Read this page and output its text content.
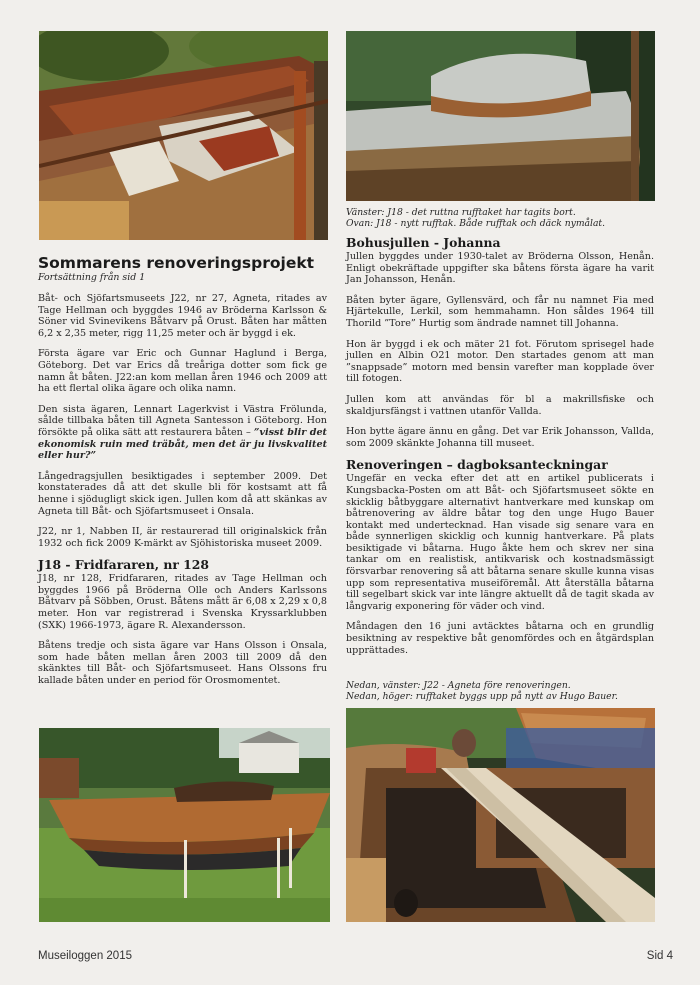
Vänster: J18 - det ruttna rufftaket har tagits bort.
Ovan: J18 - nytt rufftak. Både rufftak och däck nymålat.
Sommarens renoveringsprojekt
Fortsättning från sid 1

Båt- och Sjöfartsmuseets J22, nr 27, Agneta, ritades av Tage Hellman och byggdes 1946 av Bröderna Karlsson & Söner vid Svinevikens Båtvarv på Orust. Båten har måtten 6,2 x 2,35 meter, rigg 11,25 meter och är byggd i ek.

Första ägare var Eric och Gunnar Haglund i Berga, Göteborg. Det var Erics då treåriga dotter som fick ge namn åt båten. J22:an kom mellan åren 1946 och 2009 att ha ett flertal olika ägare och olika namn.

Den sista ägaren, Lennart Lagerkvist i Västra Frölunda, sålde tillbaka båten till Agneta Santesson i Göteborg. Hon försökte på olika sätt att restaurera båten – ”visst blir det ekonomisk ruin med träbåt, men det är ju livskvalitet eller hur?”

Långedragsjullen besiktigades i september 2009. Det konstaterades då att det skulle bli för kostsamt att få henne i sjödugligt skick igen. Jullen kom då att skänkas av Agneta till Båt- och Sjöfartsmuseet i Onsala.

J22, nr 1, Nabben II, är restaurerad till originalskick från 1932 och fick 2009 K-märkt av Sjöhistoriska museet 2009.

J18 - Fridfararen, nr 128

J18, nr 128, Fridfararen, ritades av Tage Hellman och byggdes 1966 på Bröderna Olle och Anders Karlssons Båtvarv på Söbben, Orust. Båtens mått är 6,08 x 2,29 x 0,8 meter. Hon var registrerad i Svenska Kryssarklubben (SXK) 1966-1973, ägare R. Alexandersson.

Båtens tredje och sista ägare var Hans Olsson i Onsala, som hade båten mellan åren 2003 till 2009 då den skänktes till Båt- och Sjöfartsmuseet. Hans Olssons fru kallade båten under en period för Orosmomentet.

Bohusjullen - Johanna

Jullen byggdes under 1930-talet av Bröderna Olsson, Henån. Enligt obekräftade uppgifter ska båtens första ägare ha varit Jan Johansson, Henån.

Båten byter ägare, Gyllensvärd, och får nu namnet Fia med Hjärtekulle, Lerkil, som hemmahamn. Hon såldes 1964 till Thorild ”Tore” Hurtig som ändrade namnet till Johanna.

Hon är byggd i ek och mäter 21 fot. Förutom sprisegel hade jullen en Albin O21 motor. Den startades genom att man ”snappsade” motorn med bensin varefter man kopplade över till fotogen.

Jullen kom att användas för bl a makrillsfiske och skaldjursfängst i vattnen utanför Vallda.

Hon bytte ägare ännu en gång. Det var Erik Johansson, Vallda, som 2009 skänkte Johanna till museet.

Renoveringen – dagboksanteckningar

Ungefär en vecka efter det att en artikel publicerats i Kungsbacka-Posten om att Båt- och Sjöfartsmuseet sökte en skicklig båtbyggare alternativt hantverkare med kunskap om båtrenovering av äldre båtar tog den unge Hugo Bauer kontakt med undertecknad. Han visade sig senare vara en både synnerligen skicklig och kunnig hantverkare. På plats besiktigade vi båtarna. Hugo åkte hem och skrev ner sina tankar om en realistisk, antikvarisk och kostnadsmässigt försvarbar renovering så att båtarna senare skulle kunna visas upp som representativa museiföremål. Att återställa båtarna till segelbart skick var inte längre aktuellt då de tagit skada av långvarig exponering för väder och vind.

Måndagen den 16 juni avtäcktes båtarna och en grundlig besiktning av respektive båt genomfördes och en åtgärdsplan upprättades.

Nedan, vänster: J22 - Agneta före renoveringen.
Nedan, höger: rufftaket byggs upp på nytt av Hugo Bauer.
Museiloggen 2015	Sid 4
